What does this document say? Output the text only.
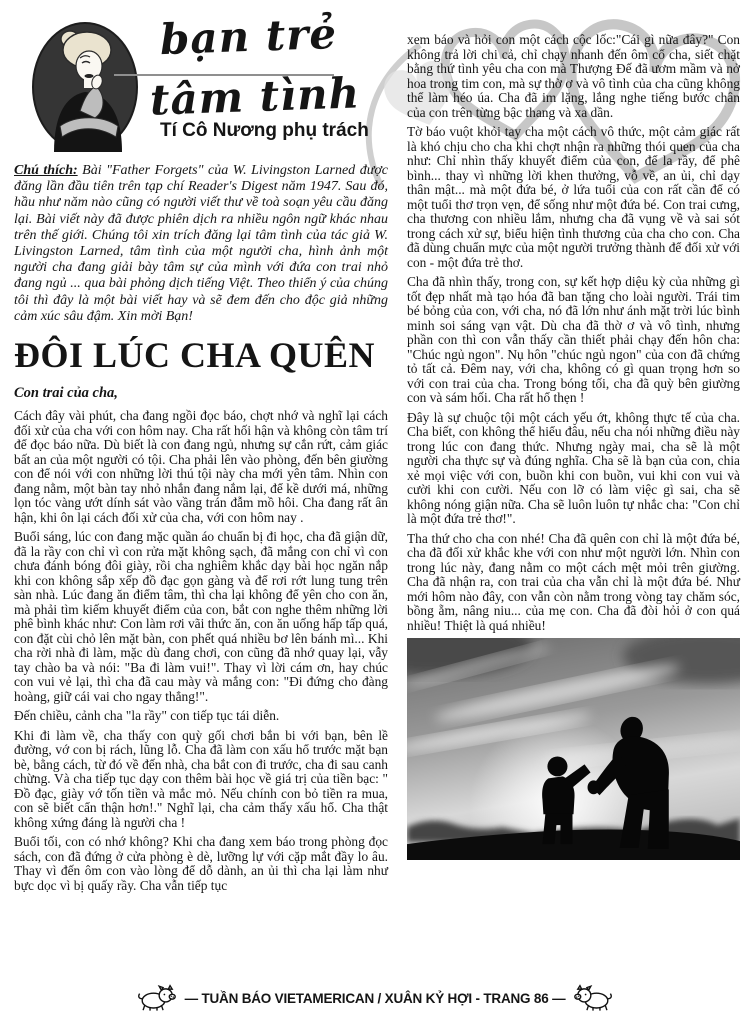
bạn trẻ
tâm tình
Tí Cô Nương phụ trách

Chú thích: Bài "Father Forgets" của W. Livingston Larned được đăng lần đầu tiên trên tạp chí Reader's Digest năm 1947. Sau đó, hầu như năm nào cũng có người viết thư về toà soạn yêu cầu đăng lại. Bài viết này đã được phiên dịch ra nhiều ngôn ngữ khác nhau trên thế giới. Chúng tôi xin trích đăng lại tâm tình của tác giả W. Livingston Larned, tâm tình của một người cha, hình ảnh một người cha đang giải bày tâm sự của mình với đứa con trai nhỏ đang ngủ ... qua bài phỏng dịch tiếng Việt. Theo thiển ý của chúng tôi thì đây là một bài viết hay và sẽ đem đến cho độc giả những cảm xúc sâu đậm. Xin mời Bạn!

ĐÔI LÚC CHA QUÊN

Con trai của cha,

Cách đây vài phút, cha đang ngồi đọc báo, chợt nhớ và nghĩ lại cách đối xử của cha với con hôm nay. Cha rất hối hận và không còn tâm trí để đọc báo nữa. Dù biết là con đang ngủ, nhưng sự cắn rứt, cảm giác bất an của một người có tội. Cha phải lên vào phòng, đến bên giường con để nói với con những lời thú tội này cha mới yên tâm. Nhìn con đang nằm, một bàn tay nhỏ nhắn đang nắm lại, để kề dưới má, những lọn tóc vàng ướt dính sát vào vầng trán đẫm mồ hôi. Cha đang rất ân hận, khi ôn lại cách đối xử của cha, với con hôm nay .

Buổi sáng, lúc con đang mặc quần áo chuẩn bị đi học, cha đã giận dữ, đã la rầy con chỉ vì con rửa mặt không sạch, đã mắng con chỉ vì con chưa đánh bóng đôi giày, rồi cha nghiêm khắc dạy bài học ngăn nắp khi con không sắp xếp đồ đạc gọn gàng và để rơi rớt lung tung trên sàn nhà. Lúc đang ăn điểm tâm, thì cha lại không để yên cho con ăn, mà phải tìm kiếm khuyết điểm của con, bắt con nghe thêm những lời phê bình khác như: Con làm rơi vãi thức ăn, con ăn uống hấp tấp quá, con đặt cùi chỏ lên mặt bàn, con phết quá nhiều bơ lên bánh mì... Khi cha rời nhà đi làm, mặc dù đang chơi, con cũng đã nhớ quay lại, vẫy tay chào ba và nói: "Ba đi làm vui!". Thay vì lời cám ơn, hay chúc con vui vẻ lại, thì cha đã cau mày và mắng con: "Đi đứng cho đàng hoàng, giữ cái vai cho ngay thẳng!".

Đến chiều, cảnh cha "la rầy" con tiếp tục tái diễn.

Khi đi làm về, cha thấy con quỳ gối chơi bắn bi với bạn, bên lề đường, vớ con bị rách, lũng lỗ. Cha đã làm con xấu hổ trước mặt bạn bè, bằng cách, từ đó về đến nhà, cha bắt con đi trước, cha đi sau canh chừng. Và cha tiếp tục dạy con thêm bài học về giá trị của tiền bạc: " Đồ đạc, giày vớ tốn tiền và mắc mỏ. Nếu chính con bỏ tiền ra mua, con sẽ biết cẩn thận hơn!." Nghĩ lại, cha cảm thấy xấu hổ. Cha thật không xứng đáng là người cha !

Buổi tối, con có nhớ không? Khi cha đang xem báo trong phòng đọc sách, con đã đứng ở cửa phòng è dè, lưỡng lự với cặp mắt đầy lo âu. Thay vì đến ôm con vào lòng để dỗ dành, an ủi thì cha lại làm như bực dọc vì bị quấy rầy. Cha vẫn tiếp tục

xem báo và hỏi con một cách cộc lốc:"Cái gì nữa đây?" Con không trả lời chi cả, chỉ chạy nhanh đến ôm cổ cha, siết chặt bằng thứ tình yêu cha con mà Thượng Đế đã ươm mầm và nở hoa trong tim con, mà sự thờ ơ và vô tình của cha cũng không thể làm héo úa. Cha đã im lặng, lắng nghe tiếng bước chân của con trên từng bậc thang và xa dần.

Tờ báo vuột khỏi tay cha một cách vô thức, một cảm giác rất là khó chịu cho cha khi chợt nhận ra những thói quen của cha như: Chỉ nhìn thấy khuyết điểm của con, để la rầy, để phê bình... thay vì những lời khen thưởng, vỗ về, an ủi, chỉ dạy thân mật... mà một đứa bé, ở lứa tuổi của con rất cần để có một tuổi thơ trọn vẹn, để sống như một đứa bé. Con trai cưng, cha thương con nhiều lắm, nhưng cha đã vụng về và sai sót trong cách xử sự, biểu hiện tình thương của cha cho con. Cha đã dùng chuẩn mực của một người trưởng thành để đối xử với con - một đứa trẻ thơ.

Cha đã nhìn thấy, trong con, sự kết hợp diệu kỳ của những gì tốt đẹp nhất mà tạo hóa đã ban tặng cho loài người. Trái tim bé bỏng của con, với cha, nó đã lớn như ánh mặt trời lúc bình minh soi sáng vạn vật. Dù cha đã thờ ơ và vô tình, nhưng phần con thì con vẫn thấy cần thiết phải chạy đến hôn cha: "Chúc ngủ ngon". Nụ hôn "chúc ngủ ngon" của con đã chứng tỏ tất cả. Đêm nay, với cha, không có gì quan trọng hơn so với con trai của cha. Trong bóng tối, cha đã quỳ bên giường con và sám hối. Cha rất hổ thẹn !

Đây là sự chuộc tội một cách yếu ớt, không thực tế của cha. Cha biết, con không thể hiểu đâu, nếu cha nói những điều này trong lúc con đang thức. Nhưng ngày mai, cha sẽ là một người cha thực sự và đúng nghĩa. Cha sẽ là bạn của con, chia xẻ mọi việc với con, buồn khi con buồn, vui khi con vui và cười khi con cười. Nếu con lỡ có làm việc gì sai, cha sẽ không nóng giận nữa. Cha sẽ luôn luôn tự nhắc cha: "Con chỉ là một đứa trẻ thơ!".

Tha thứ cho cha con nhé! Cha đã quên con chỉ là một đứa bé, cha đã đối xử khắc khe với con như một người lớn. Nhìn con trong lúc này, đang nằm co một cách mệt mỏi trên giường. Cha đã nhận ra, con trai của cha vẫn chỉ là một đứa bé. Như mới hôm nào đây, con vẫn còn nằm trong vòng tay chăm sóc, bồng ẵm, nâng niu... của mẹ con. Cha đã đòi hỏi ở con quá nhiều! Thiệt là quá nhiều!

— TUẦN BÁO VIETAMERICAN / XUÂN KỶ HỢI - TRANG 86 —
